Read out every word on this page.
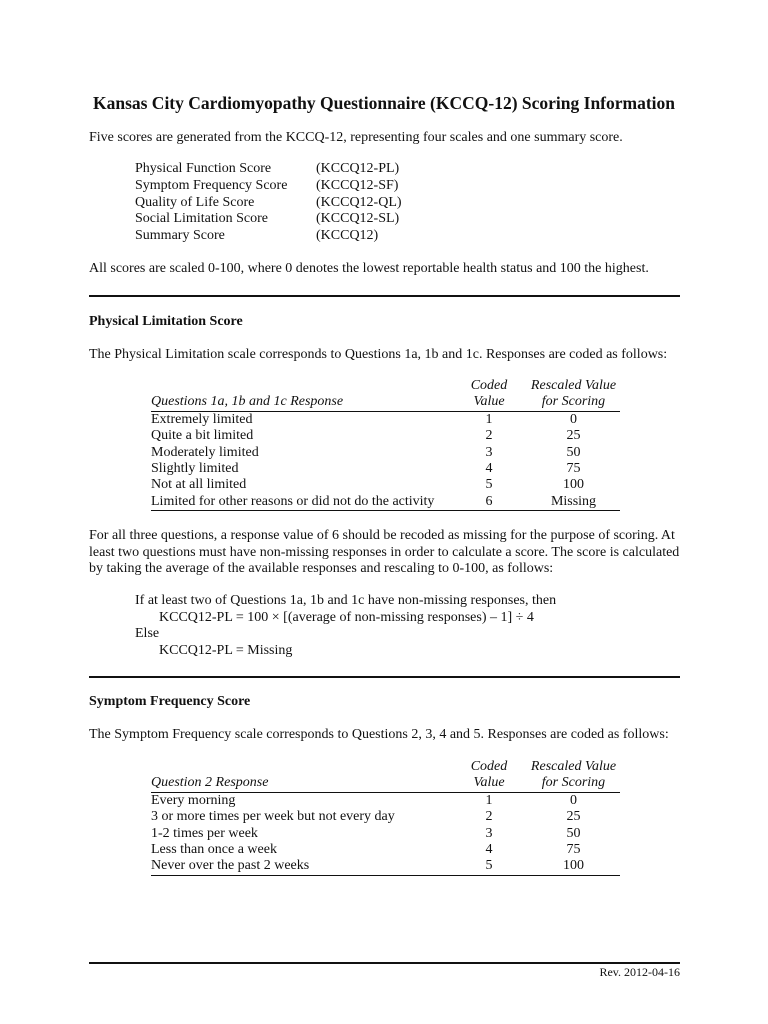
Kansas City Cardiomyopathy Questionnaire (KCCQ-12) Scoring Information
Five scores are generated from the KCCQ-12, representing four scales and one summary score.
Physical Function Score	(KCCQ12-PL)
Symptom Frequency Score	(KCCQ12-SF)
Quality of Life Score	(KCCQ12-QL)
Social Limitation Score	(KCCQ12-SL)
Summary Score	(KCCQ12)
All scores are scaled 0-100, where 0 denotes the lowest reportable health status and 100 the highest.
Physical Limitation Score
The Physical Limitation scale corresponds to Questions 1a, 1b and 1c. Responses are coded as follows:
	Coded	Rescaled Value
Questions 1a, 1b and 1c Response	Value	for Scoring
Extremely limited	1	0
Quite a bit limited	2	25
Moderately limited	3	50
Slightly limited	4	75
Not at all limited	5	100
Limited for other reasons or did not do the activity	6	Missing
For all three questions, a response value of 6 should be recoded as missing for the purpose of scoring. At least two questions must have non-missing responses in order to calculate a score. The score is calculated by taking the average of the available responses and rescaling to 0-100, as follows:
If at least two of Questions 1a, 1b and 1c have non-missing responses, then
KCCQ12-PL = 100 × [(average of non-missing responses) – 1] ÷ 4
Else
KCCQ12-PL = Missing
Symptom Frequency Score
The Symptom Frequency scale corresponds to Questions 2, 3, 4 and 5. Responses are coded as follows:
	Coded	Rescaled Value
Question 2 Response	Value	for Scoring
Every morning	1	0
3 or more times per week but not every day	2	25
1-2 times per week	3	50
Less than once a week	4	75
Never over the past 2 weeks	5	100
Rev. 2012-04-16
